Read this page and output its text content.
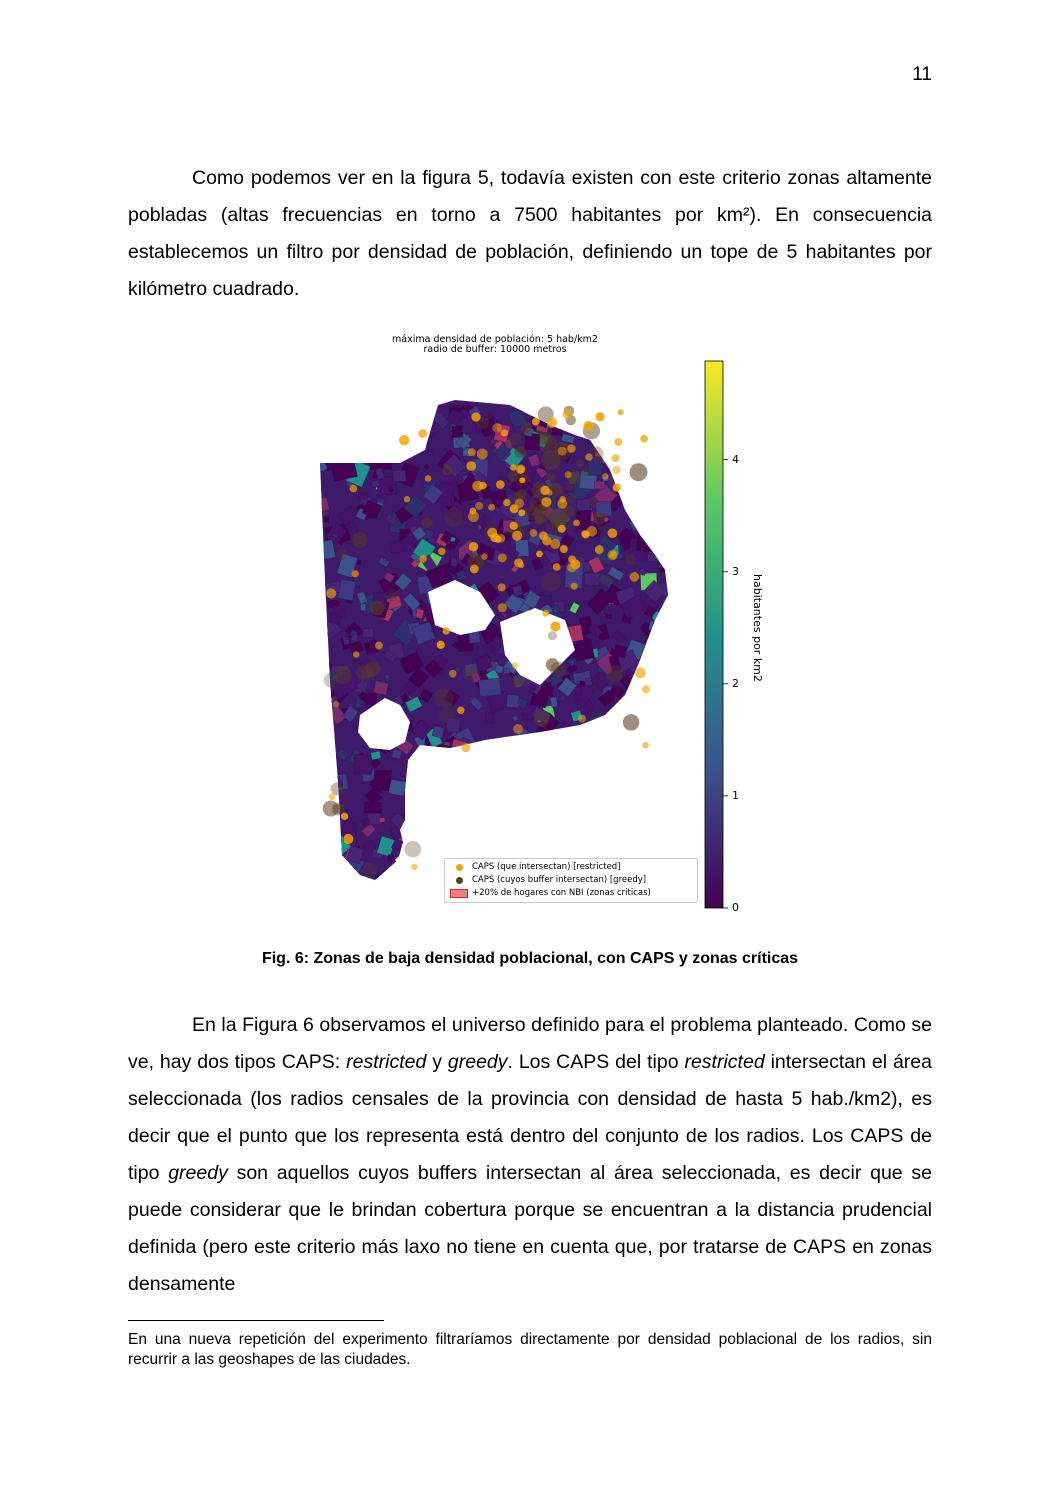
11

Como podemos ver en la figura 5, todavía existen con este criterio zonas altamente pobladas (altas frecuencias en torno a 7500 habitantes por km²). En consecuencia establecemos un filtro por densidad de población, definiendo un tope de 5 habitantes por kilómetro cuadrado.

máxima densidad de población: 5 hab/km2
radio de buffer: 10000 metros
0
1
2
3
4
habitantes por km2
CAPS (que intersectan) [restricted]
CAPS (cuyos buffer intersectan) [greedy]
+20% de hogares con NBI (zonas criticas)
Fig. 6: Zonas de baja densidad poblacional, con CAPS y zonas críticas

En la Figura 6 observamos el universo definido para el problema planteado. Como se ve, hay dos tipos CAPS: restricted y greedy. Los CAPS del tipo restricted intersectan el área seleccionada (los radios censales de la provincia con densidad de hasta 5 hab./km2), es decir que el punto que los representa está dentro del conjunto de los radios. Los CAPS de tipo greedy son aquellos cuyos buffers intersectan al área seleccionada, es decir que se puede considerar que le brindan cobertura porque se encuentran a la distancia prudencial definida (pero este criterio más laxo no tiene en cuenta que, por tratarse de CAPS en zonas densamente

En una nueva repetición del experimento filtraríamos directamente por densidad poblacional de los radios, sin recurrir a las geoshapes de las ciudades.
